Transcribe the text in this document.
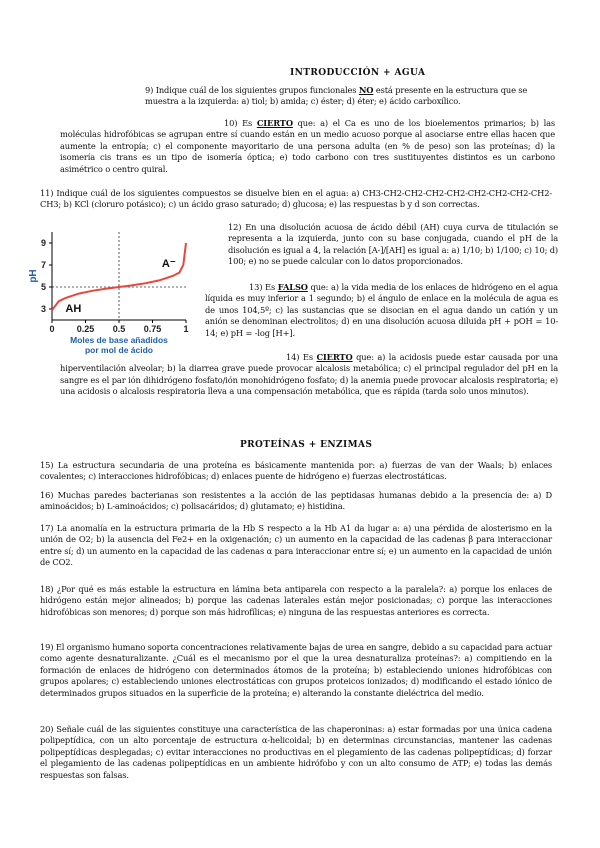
INTRODUCCIÓN + AGUA
9) Indique cuál de los siguientes grupos funcionales NO está presente en la estructura que se muestra a la izquierda: a) tiol; b) amida; c) éster; d) éter; e) ácido carboxílico.
10) Es CIERTO que: a) el Ca es uno de los bioelementos primarios; b) las moléculas hidrofóbicas se agrupan entre sí cuando están en un medio acuoso porque al asociarse entre ellas hacen que aumente la entropía; c) el componente mayoritario de una persona adulta (en % de peso) son las proteínas; d) la isomería cis trans es un tipo de isomería óptica; e) todo carbono con tres sustituyentes distintos es un carbono asimétrico o centro quiral.
11) Indique cuál de los siguientes compuestos se disuelve bien en el agua: a) CH3-CH2-CH2-CH2-CH2-CH2-CH2-CH2-CH2-CH3; b) KCl (cloruro potásico); c) un ácido graso saturado; d) glucosa; e) las respuestas b y d son correctas.
3
5
7
9
0 0.25 0.5 0.75 1
pH
Moles de base añadidos
por mol de ácido
AH
A⁻
12) En una disolución acuosa de ácido débil (AH) cuya curva de titulación se representa a la izquierda, junto con su base conjugada, cuando el pH de la disolución es igual a 4, la relación [A-]/[AH] es igual a: a) 1/10; b) 1/100; c) 10; d) 100; e) no se puede calcular con lo datos proporcionados.
13) Es FALSO que: a) la vida media de los enlaces de hidrógeno en el agua líquida es muy inferior a 1 segundo; b) el ángulo de enlace en la molécula de agua es de unos 104,5º; c) las sustancias que se disocian en el agua dando un catión y un anión se denominan electrolitos; d) en una disolución acuosa diluida pH + pOH = 10-14; e) pH = -log [H+].
14) Es CIERTO que: a) la acidosis puede estar causada por una hiperventilación alveolar; b) la diarrea grave puede provocar alcalosis metabólica; c) el principal regulador del pH en la sangre es el par ión dihidrógeno fosfato/ión monohidrógeno fosfato; d) la anemia puede provocar alcalosis respiratoria; e) una acidosis o alcalosis respiratoria lleva a una compensación metabólica, que es rápida (tarda solo unos minutos).
PROTEÍNAS + ENZIMAS
15) La estructura secundaria de una proteína es básicamente mantenida por: a) fuerzas de van der Waals; b) enlaces covalentes; c) interacciones hidrofóbicas; d) enlaces puente de hidrógeno e) fuerzas electrostáticas.
16) Muchas paredes bacterianas son resistentes a la acción de las peptidasas humanas debido a la presencia de: a) D aminoácidos; b) L-aminoácidos; c) polisacáridos; d) glutamato; e) histidina.
17) La anomalía en la estructura primaria de la Hb S respecto a la Hb A1 da lugar a: a) una pérdida de alosterismo en la unión de O2; b) la ausencia del Fe2+ en la oxigenación; c) un aumento en la capacidad de las cadenas β para interaccionar entre sí; d) un aumento en la capacidad de las cadenas α para interaccionar entre sí; e) un aumento en la capacidad de unión de CO2.
18) ¿Por qué es más estable la estructura en lámina beta antiparela con respecto a la paralela?: a) porque los enlaces de hidrógeno están mejor alineados; b) porque las cadenas laterales están mejor posicionadas; c) porque las interacciones hidrofóbicas son menores; d) porque son más hidrofílicas; e) ninguna de las respuestas anteriores es correcta.
19) El organismo humano soporta concentraciones relativamente bajas de urea en sangre, debido a su capacidad para actuar como agente desnaturalizante. ¿Cuál es el mecanismo por el que la urea desnaturaliza proteínas?: a) compitiendo en la formación de enlaces de hidrógeno con determinados átomos de la proteína; b) estableciendo uniones hidrofóbicas con grupos apolares; c) estableciendo uniones electrostáticas con grupos proteicos ionizados; d) modificando el estado iónico de determinados grupos situados en la superficie de la proteína; e) alterando la constante dieléctrica del medio.
20) Señale cuál de las siguientes constituye una característica de las chaperoninas: a) estar formadas por una única cadena polipeptídica, con un alto porcentaje de estructura α-helicoidal; b) en determinas circunstancias, mantener las cadenas polipeptídicas desplegadas; c) evitar interacciones no productivas en el plegamiento de las cadenas polipeptídicas; d) forzar el plegamiento de las cadenas polipeptídicas en un ambiente hidrófobo y con un alto consumo de ATP; e) todas las demás respuestas son falsas.
